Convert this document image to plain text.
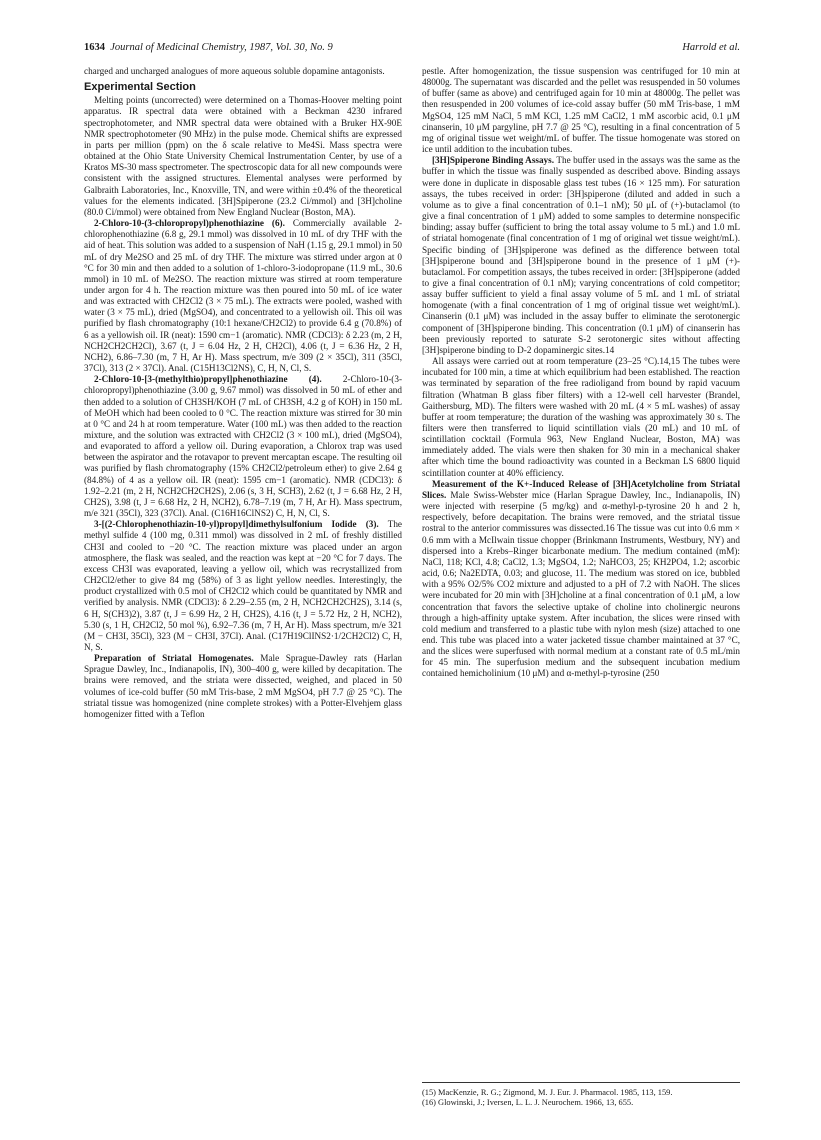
1634 Journal of Medicinal Chemistry, 1987, Vol. 30, No. 9	Harrold et al.

charged and uncharged analogues of more aqueous soluble dopamine antagonists.

Experimental Section

Melting points (uncorrected) were determined on a Thomas-Hoover melting point apparatus. IR spectral data were obtained with a Beckman 4230 infrared spectrophotometer, and NMR spectral data were obtained with a Bruker HX-90E NMR spectrophotometer (90 MHz) in the pulse mode. Chemical shifts are expressed in parts per million (ppm) on the δ scale relative to Me4Si. Mass spectra were obtained at the Ohio State University Chemical Instrumentation Center, by use of a Kratos MS-30 mass spectrometer. The spectroscopic data for all new compounds were consistent with the assigned structures. Elemental analyses were performed by Galbraith Laboratories, Inc., Knoxville, TN, and were within ±0.4% of the theoretical values for the elements indicated. [3H]Spiperone (23.2 Ci/mmol) and [3H]choline (80.0 Ci/mmol) were obtained from New England Nuclear (Boston, MA).

2-Chloro-10-(3-chloropropyl)phenothiazine (6). Commercially available 2-chlorophenothiazine (6.8 g, 29.1 mmol) was dissolved in 10 mL of dry THF with the aid of heat. This solution was added to a suspension of NaH (1.15 g, 29.1 mmol) in 50 mL of dry Me2SO and 25 mL of dry THF. The mixture was stirred under argon at 0 °C for 30 min and then added to a solution of 1-chloro-3-iodopropane (11.9 mL, 30.6 mmol) in 10 mL of Me2SO. The reaction mixture was stirred at room temperature under argon for 4 h. The reaction mixture was then poured into 50 mL of ice water and was extracted with CH2Cl2 (3 × 75 mL). The extracts were pooled, washed with water (3 × 75 mL), dried (MgSO4), and concentrated to a yellowish oil. This oil was purified by flash chromatography (10:1 hexane/CH2Cl2) to provide 6.4 g (70.8%) of 6 as a yellowish oil. IR (neat): 1590 cm−1 (aromatic). NMR (CDCl3): δ 2.23 (m, 2 H, NCH2CH2CH2Cl), 3.67 (t, J = 6.04 Hz, 2 H, CH2Cl), 4.06 (t, J = 6.36 Hz, 2 H, NCH2), 6.86–7.30 (m, 7 H, Ar H). Mass spectrum, m/e 309 (2 × 35Cl), 311 (35Cl, 37Cl), 313 (2 × 37Cl). Anal. (C15H13Cl2NS), C, H, N, Cl, S.

2-Chloro-10-[3-(methylthio)propyl]phenothiazine (4). 2-Chloro-10-(3-chloropropyl)phenothiazine (3.00 g, 9.67 mmol) was dissolved in 50 mL of ether and then added to a solution of CH3SH/KOH (7 mL of CH3SH, 4.2 g of KOH) in 150 mL of MeOH which had been cooled to 0 °C. The reaction mixture was stirred for 30 min at 0 °C and 24 h at room temperature. Water (100 mL) was then added to the reaction mixture, and the solution was extracted with CH2Cl2 (3 × 100 mL), dried (MgSO4), and evaporated to afford a yellow oil. During evaporation, a Chlorox trap was used between the aspirator and the rotavapor to prevent mercaptan escape. The resulting oil was purified by flash chromatography (15% CH2Cl2/petroleum ether) to give 2.64 g (84.8%) of 4 as a yellow oil. IR (neat): 1595 cm−1 (aromatic). NMR (CDCl3): δ 1.92–2.21 (m, 2 H, NCH2CH2CH2S), 2.06 (s, 3 H, SCH3), 2.62 (t, J = 6.68 Hz, 2 H, CH2S), 3.98 (t, J = 6.68 Hz, 2 H, NCH2), 6.78–7.19 (m, 7 H, Ar H). Mass spectrum, m/e 321 (35Cl), 323 (37Cl). Anal. (C16H16ClNS2) C, H, N, Cl, S.

3-[(2-Chlorophenothiazin-10-yl)propyl]dimethylsulfonium Iodide (3). The methyl sulfide 4 (100 mg, 0.311 mmol) was dissolved in 2 mL of freshly distilled CH3I and cooled to −20 °C. The reaction mixture was placed under an argon atmosphere, the flask was sealed, and the reaction was kept at −20 °C for 7 days. The excess CH3I was evaporated, leaving a yellow oil, which was recrystallized from CH2Cl2/ether to give 84 mg (58%) of 3 as light yellow needles. Interestingly, the product crystallized with 0.5 mol of CH2Cl2 which could be quantitated by NMR and verified by analysis. NMR (CDCl3): δ 2.29–2.55 (m, 2 H, NCH2CH2CH2S), 3.14 (s, 6 H, S(CH3)2), 3.87 (t, J = 6.99 Hz, 2 H, CH2S), 4.16 (t, J = 5.72 Hz, 2 H, NCH2), 5.30 (s, 1 H, CH2Cl2, 50 mol %), 6.92–7.36 (m, 7 H, Ar H). Mass spectrum, m/e 321 (M − CH3I, 35Cl), 323 (M − CH3I, 37Cl). Anal. (C17H19ClINS2·1/2CH2Cl2) C, H, N, S.

Preparation of Striatal Homogenates. Male Sprague-Dawley rats (Harlan Sprague Dawley, Inc., Indianapolis, IN), 300–400 g, were killed by decapitation. The brains were removed, and the striata were dissected, weighed, and placed in 50 volumes of ice-cold buffer (50 mM Tris-base, 2 mM MgSO4, pH 7.7 @ 25 °C). The striatal tissue was homogenized (nine complete strokes) with a Potter-Elvehjem glass homogenizer fitted with a Teflon

pestle. After homogenization, the tissue suspension was centrifuged for 10 min at 48000g. The supernatant was discarded and the pellet was resuspended in 50 volumes of buffer (same as above) and centrifuged again for 10 min at 48000g. The pellet was then resuspended in 200 volumes of ice-cold assay buffer (50 mM Tris-base, 1 mM MgSO4, 125 mM NaCl, 5 mM KCl, 1.25 mM CaCl2, 1 mM ascorbic acid, 0.1 μM cinanserin, 10 μM pargyline, pH 7.7 @ 25 °C), resulting in a final concentration of 5 mg of original tissue wet weight/mL of buffer. The tissue homogenate was stored on ice until addition to the incubation tubes.

[3H]Spiperone Binding Assays. The buffer used in the assays was the same as the buffer in which the tissue was finally suspended as described above. Binding assays were done in duplicate in disposable glass test tubes (16 × 125 mm). For saturation assays, the tubes received in order: [3H]spiperone (diluted and added in such a volume as to give a final concentration of 0.1–1 nM); 50 μL of (+)-butaclamol (to give a final concentration of 1 μM) added to some samples to determine nonspecific binding; assay buffer (sufficient to bring the total assay volume to 5 mL) and 1.0 mL of striatal homogenate (final concentration of 1 mg of original wet tissue weight/mL). Specific binding of [3H]spiperone was defined as the difference between total [3H]spiperone bound and [3H]spiperone bound in the presence of 1 μM (+)-butaclamol. For competition assays, the tubes received in order: [3H]spiperone (added to give a final concentration of 0.1 nM); varying concentrations of cold competitor; assay buffer sufficient to yield a final assay volume of 5 mL and 1 mL of striatal homogenate (with a final concentration of 1 mg of original tissue wet weight/mL). Cinanserin (0.1 μM) was included in the assay buffer to eliminate the serotonergic component of [3H]spiperone binding. This concentration (0.1 μM) of cinanserin has been previously reported to saturate S-2 serotonergic sites without affecting [3H]spiperone binding to D-2 dopaminergic sites.14

All assays were carried out at room temperature (23–25 °C).14,15 The tubes were incubated for 100 min, a time at which equilibrium had been established. The reaction was terminated by separation of the free radioligand from bound by rapid vacuum filtration (Whatman B glass fiber filters) with a 12-well cell harvester (Brandel, Gaithersburg, MD). The filters were washed with 20 mL (4 × 5 mL washes) of assay buffer at room temperature; the duration of the washing was approximately 30 s. The filters were then transferred to liquid scintillation vials (20 mL) and 10 mL of scintillation cocktail (Formula 963, New England Nuclear, Boston, MA) was immediately added. The vials were then shaken for 30 min in a mechanical shaker after which time the bound radioactivity was counted in a Beckman LS 6800 liquid scintillation counter at 40% efficiency.

Measurement of the K+-Induced Release of [3H]Acetylcholine from Striatal Slices. Male Swiss-Webster mice (Harlan Sprague Dawley, Inc., Indianapolis, IN) were injected with reserpine (5 mg/kg) and α-methyl-p-tyrosine 20 h and 2 h, respectively, before decapitation. The brains were removed, and the striatal tissue rostral to the anterior commissures was dissected.16 The tissue was cut into 0.6 mm × 0.6 mm with a McIlwain tissue chopper (Brinkmann Instruments, Westbury, NY) and dispersed into a Krebs–Ringer bicarbonate medium. The medium contained (mM): NaCl, 118; KCl, 4.8; CaCl2, 1.3; MgSO4, 1.2; NaHCO3, 25; KH2PO4, 1.2; ascorbic acid, 0.6; Na2EDTA, 0.03; and glucose, 11. The medium was stored on ice, bubbled with a 95% O2/5% CO2 mixture and adjusted to a pH of 7.2 with NaOH. The slices were incubated for 20 min with [3H]choline at a final concentration of 0.1 μM, a low concentration that favors the selective uptake of choline into cholinergic neurons through a high-affinity uptake system. After incubation, the slices were rinsed with cold medium and transferred to a plastic tube with nylon mesh (size) attached to one end. This tube was placed into a water jacketed tissue chamber maintained at 37 °C, and the slices were superfused with normal medium at a constant rate of 0.5 mL/min for 45 min. The superfusion medium and the subsequent incubation medium contained hemicholinium (10 μM) and α-methyl-p-tyrosine (250

(15) MacKenzie, R. G.; Zigmond, M. J. Eur. J. Pharmacol. 1985, 113, 159.
(16) Glowinski, J.; Iversen, L. L. J. Neurochem. 1966, 13, 655.
